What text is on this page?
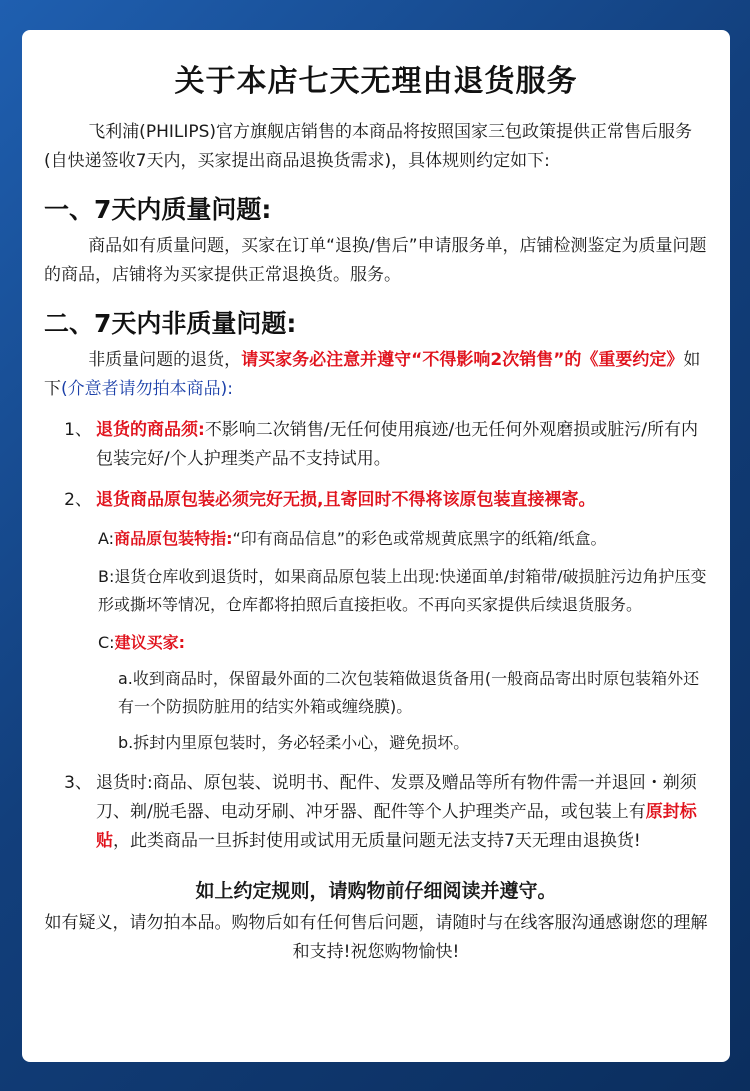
关于本店七天无理由退货服务

飞利浦(PHILIPS)官方旗舰店销售的本商品将按照国家三包政策提供正常售后服务(自快递签收7天内，买家提出商品退换货需求)，具体规则约定如下:

一、7天内质量问题:

商品如有质量问题，买家在订单“退换/售后”申请服务单，店铺检测鉴定为质量问题的商品，店铺将为买家提供正常退换货。服务。

二、7天内非质量问题:

非质量问题的退货，请买家务必注意并遵守“不得影响2次销售”的《重要约定》如下(介意者请勿拍本商品):

1、 退货的商品须:不影响二次销售/无任何使用痕迹/也无任何外观磨损或脏污/所有内包装完好/个人护理类产品不支持试用。
2、 退货商品原包装必须完好无损,且寄回时不得将该原包装直接裸寄。
A:商品原包装特指:“印有商品信息”的彩色或常规黄底黑字的纸箱/纸盒。
B:退货仓库收到退货时，如果商品原包装上出现:快递面单/封箱带/破损脏污边角护压变形或撕坏等情况，仓库都将拍照后直接拒收。不再向买家提供后续退货服务。
C:建议买家:
a.收到商品时，保留最外面的二次包装箱做退货备用(一般商品寄出时原包装箱外还有一个防损防脏用的结实外箱或缠绕膜)。
b.拆封内里原包装时，务必轻柔小心，避免损坏。
3、 退货时:商品、原包装、说明书、配件、发票及赠品等所有物件需一并退回・剃须刀、剃/脱毛器、电动牙刷、冲牙器、配件等个人护理类产品，或包装上有原封标贴，此类商品一旦拆封使用或试用无质量问题无法支持7天无理由退换货!
如上约定规则，请购物前仔细阅读并遵守。
如有疑义，请勿拍本品。购物后如有任何售后问题，请随时与在线客服沟通感谢您的理解和支持!祝您购物愉快!
